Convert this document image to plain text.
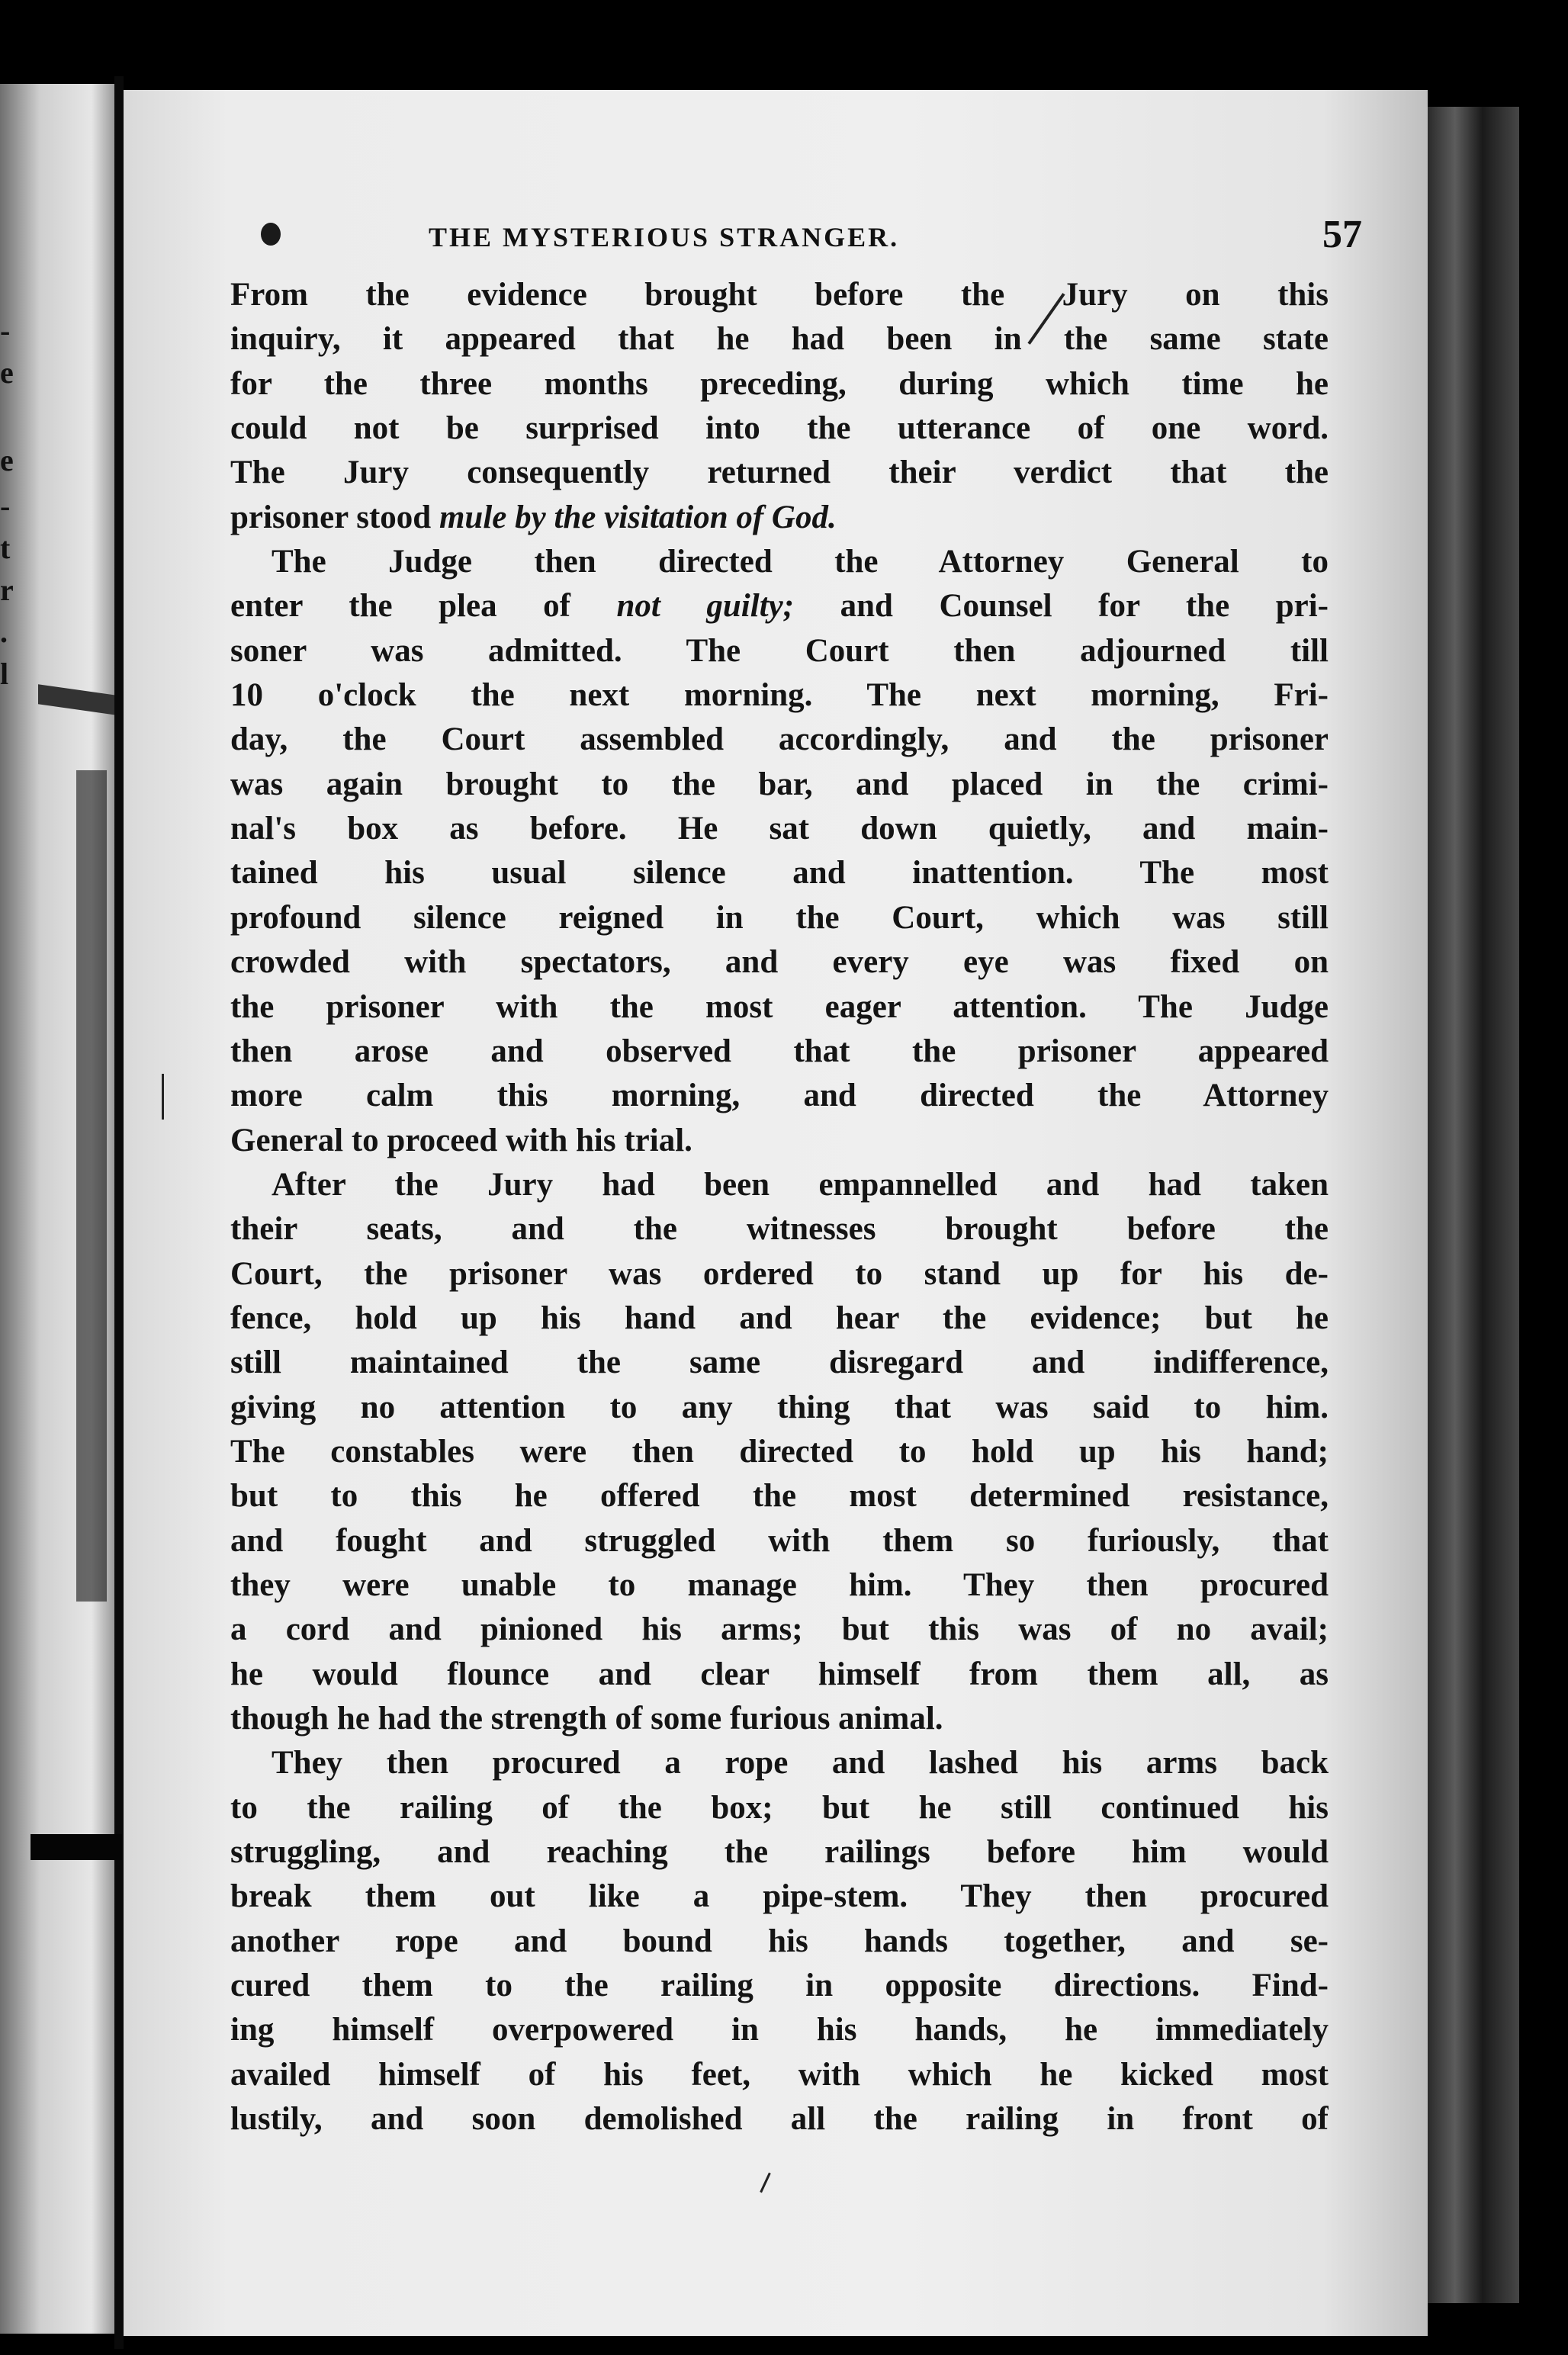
-
e
e
-
t
r
.
l
THE MYSTERIOUS STRANGER.	57
From the evidence brought before the Jury on this
inquiry, it appeared that he had been in the same state
for the three months preceding, during which time he
could not be surprised into the utterance of one word.
The Jury consequently returned their verdict that the
prisoner stood mule by the visitation of God.
The Judge then directed the Attorney General to
enter the plea of not guilty; and Counsel for the pri-
soner was admitted. The Court then adjourned till
10 o'clock the next morning. The next morning, Fri-
day, the Court assembled accordingly, and the prisoner
was again brought to the bar, and placed in the crimi-
nal's box as before. He sat down quietly, and main-
tained his usual silence and inattention. The most
profound silence reigned in the Court, which was still
crowded with spectators, and every eye was fixed on
the prisoner with the most eager attention. The Judge
then arose and observed that the prisoner appeared
more calm this morning, and directed the Attorney
General to proceed with his trial.
After the Jury had been empannelled and had taken
their seats, and the witnesses brought before the
Court, the prisoner was ordered to stand up for his de-
fence, hold up his hand and hear the evidence; but he
still maintained the same disregard and indifference,
giving no attention to any thing that was said to him.
The constables were then directed to hold up his hand;
but to this he offered the most determined resistance,
and fought and struggled with them so furiously, that
they were unable to manage him. They then procured
a cord and pinioned his arms; but this was of no avail;
he would flounce and clear himself from them all, as
though he had the strength of some furious animal.
They then procured a rope and lashed his arms back
to the railing of the box; but he still continued his
struggling, and reaching the railings before him would
break them out like a pipe-stem. They then procured
another rope and bound his hands together, and se-
cured them to the railing in opposite directions. Find-
ing himself overpowered in his hands, he immediately
availed himself of his feet, with which he kicked most
lustily, and soon demolished all the railing in front of
